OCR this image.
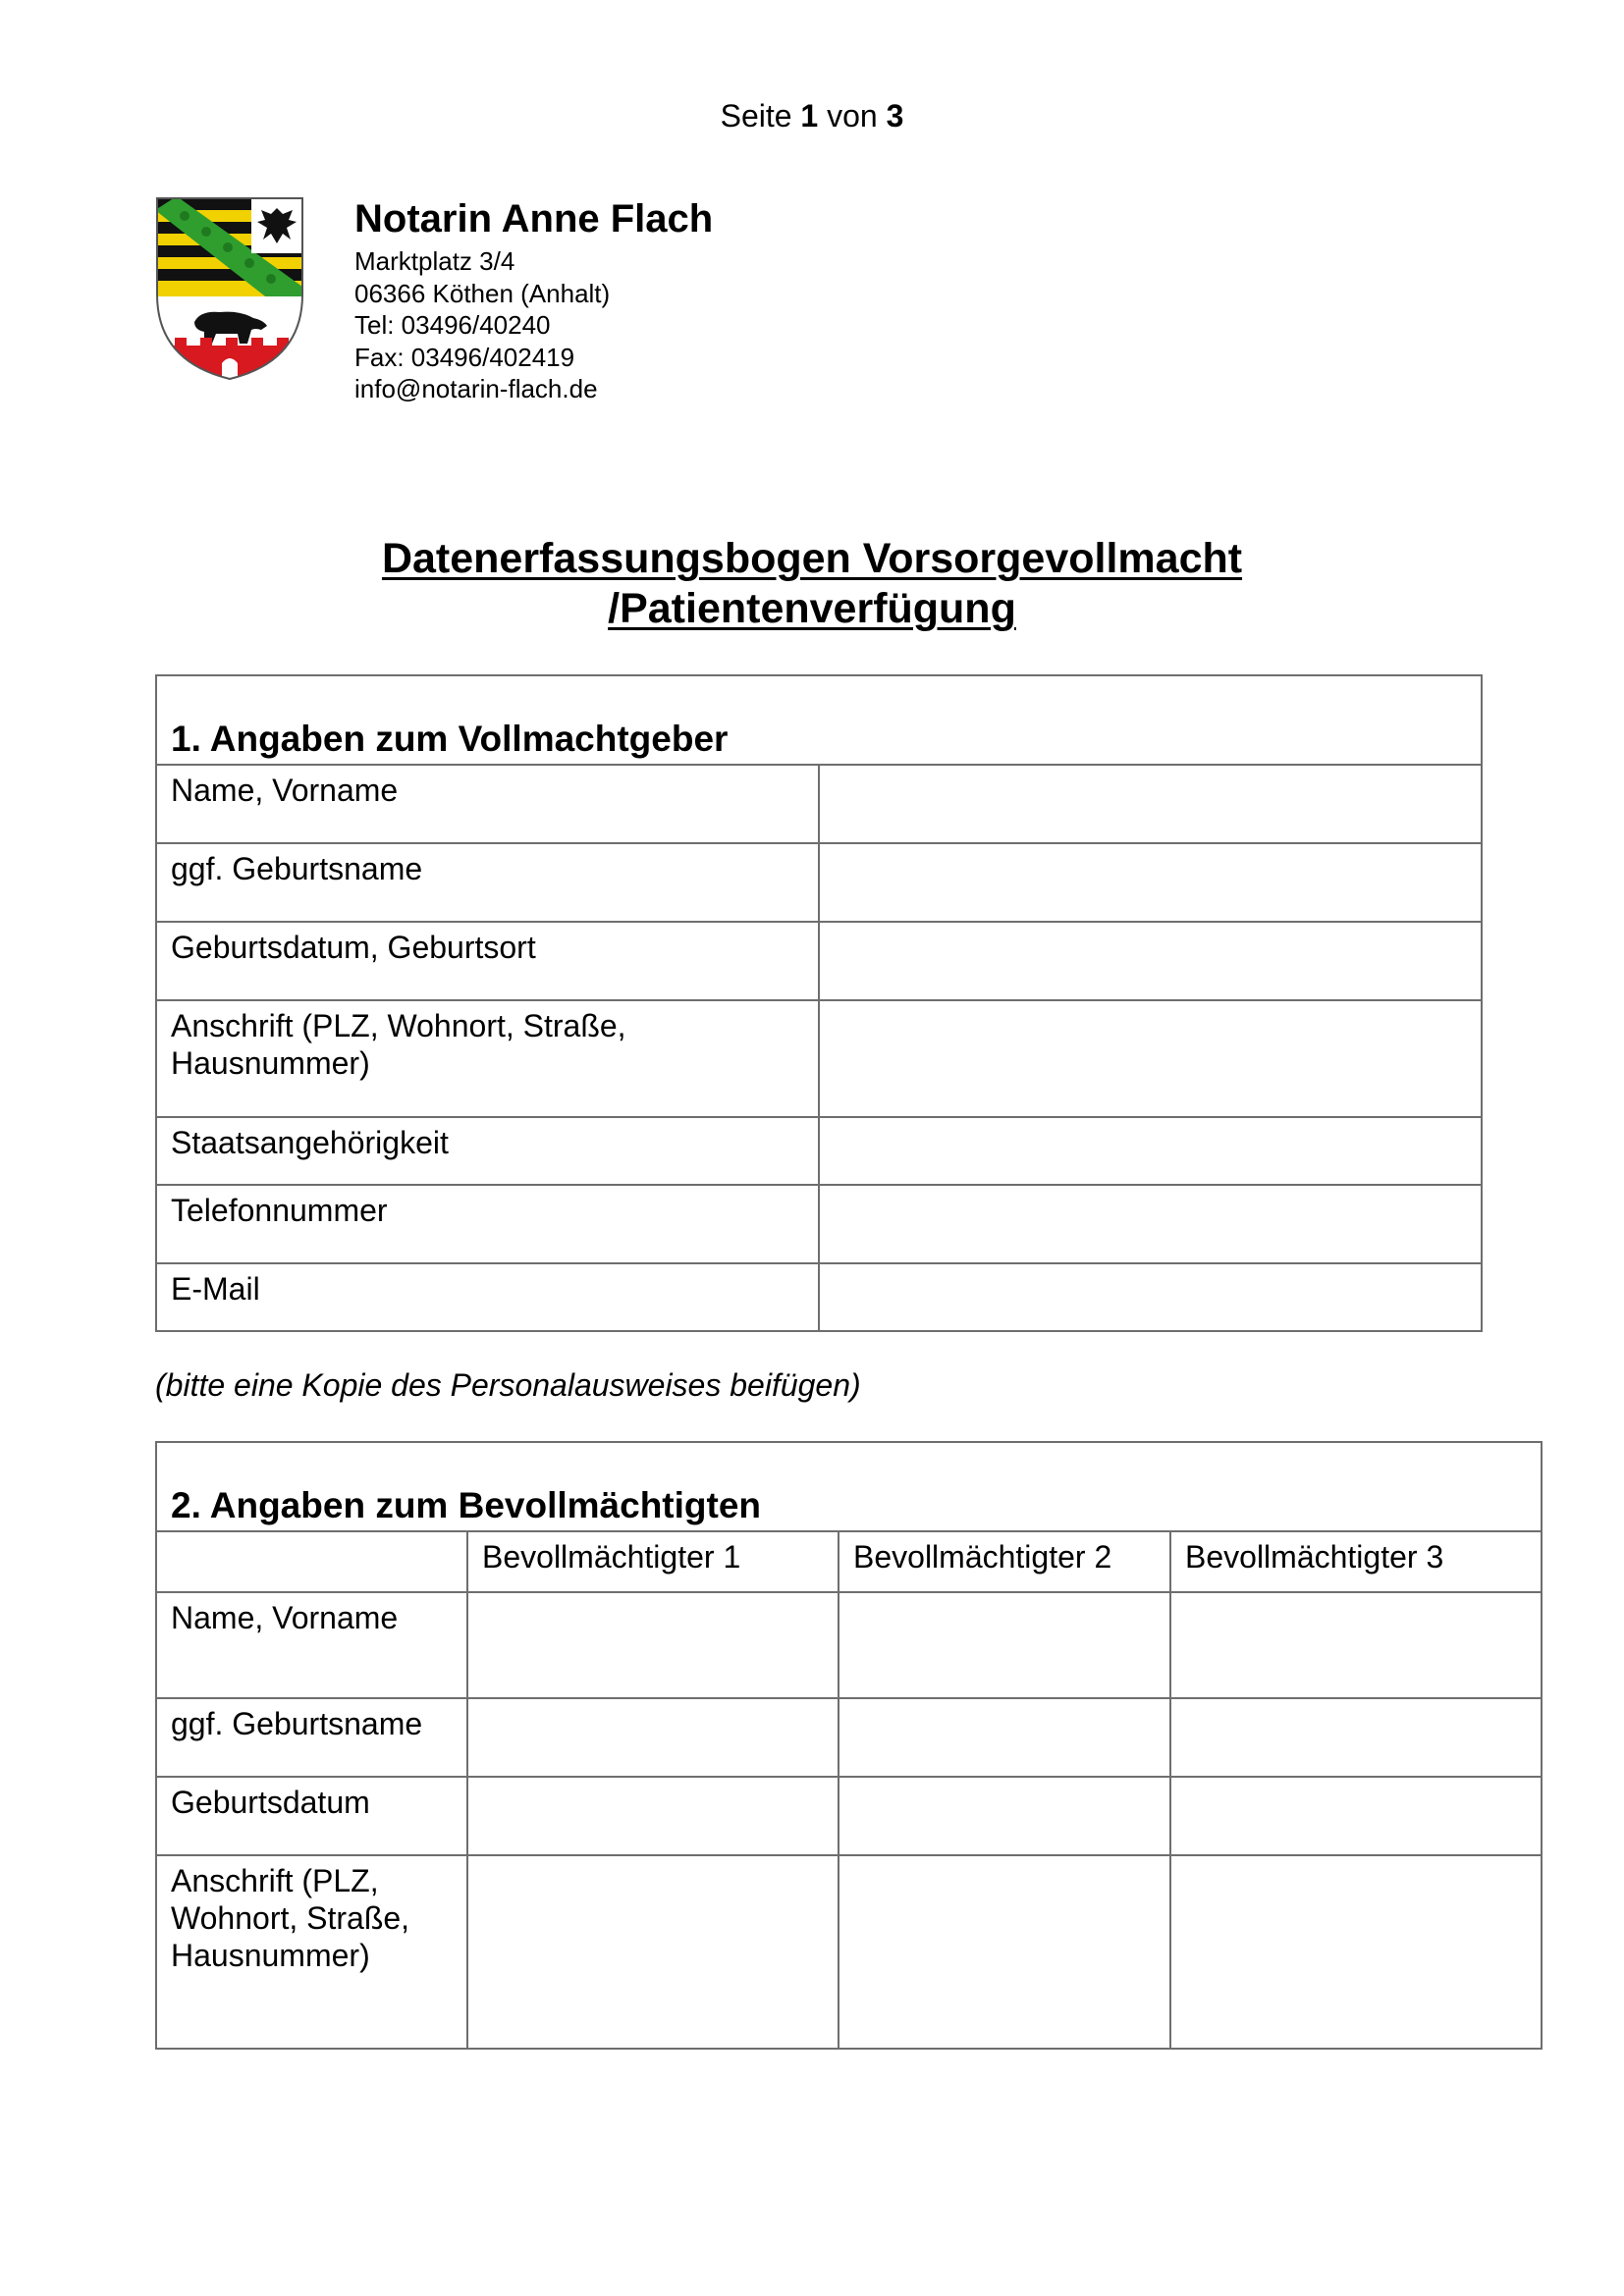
Seite 1 von 3
Notarin Anne Flach
Marktplatz 3/4
06366 Köthen (Anhalt)
Tel: 03496/40240
Fax: 03496/402419
info@notarin-flach.de
Datenerfassungsbogen Vorsorgevollmacht
/Patientenverfügung
1. Angaben zum Vollmachtgeber	
Name, Vorname	
ggf. Geburtsname	
Geburtsdatum, Geburtsort	
Anschrift (PLZ, Wohnort, Straße, Hausnummer)	
Staatsangehörigkeit	
Telefonnummer	
E-Mail	
(bitte eine Kopie des Personalausweises beifügen)
2. Angaben zum Bevollmächtigten			
	Bevollmächtigter 1	Bevollmächtigter 2	Bevollmächtigter 3
Name, Vorname			
ggf. Geburtsname			
Geburtsdatum			
Anschrift (PLZ, Wohnort, Straße, Hausnummer)			
